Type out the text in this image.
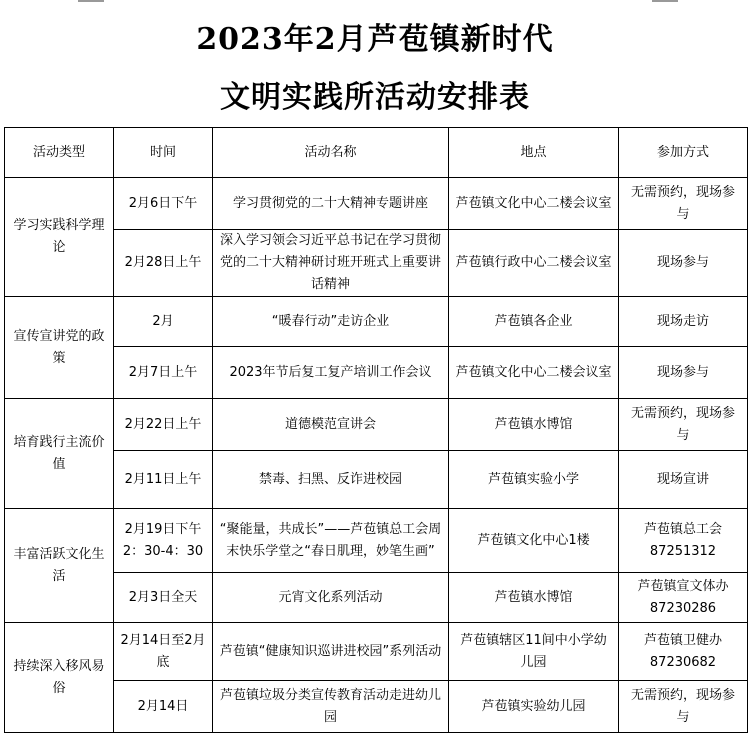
2023年2月芦苞镇新时代
文明实践所活动安排表
活动类型	时间	活动名称	地点	参加方式
学习实践科学理论	2月6日下午	学习贯彻党的二十大精神专题讲座	芦苞镇文化中心二楼会议室	无需预约，现场参与
	2月28日上午	深入学习领会习近平总书记在学习贯彻党的二十大精神研讨班开班式上重要讲话精神	芦苞镇行政中心二楼会议室	现场参与
宣传宣讲党的政策	2月	“暖春行动”走访企业	芦苞镇各企业	现场走访
	2月7日上午	2023年节后复工复产培训工作会议	芦苞镇文化中心二楼会议室	现场参与
培育践行主流价值	2月22日上午	道德模范宣讲会	芦苞镇水博馆	无需预约，现场参与
	2月11日上午	禁毒、扫黑、反诈进校园	芦苞镇实验小学	现场宣讲
丰富活跃文化生活	2月19日下午2：30-4：30	“聚能量，共成长”——芦苞镇总工会周末快乐学堂之“春日肌理，妙笔生画”	芦苞镇文化中心1楼	芦苞镇总工会87251312
	2月3日全天	元宵文化系列活动	芦苞镇水博馆	芦苞镇宣文体办87230286
持续深入移风易俗	2月14日至2月底	芦苞镇“健康知识巡讲进校园”系列活动	芦苞镇辖区11间中小学幼儿园	芦苞镇卫健办87230682
	2月14日	芦苞镇垃圾分类宣传教育活动走进幼儿园	芦苞镇实验幼儿园	无需预约，现场参与
